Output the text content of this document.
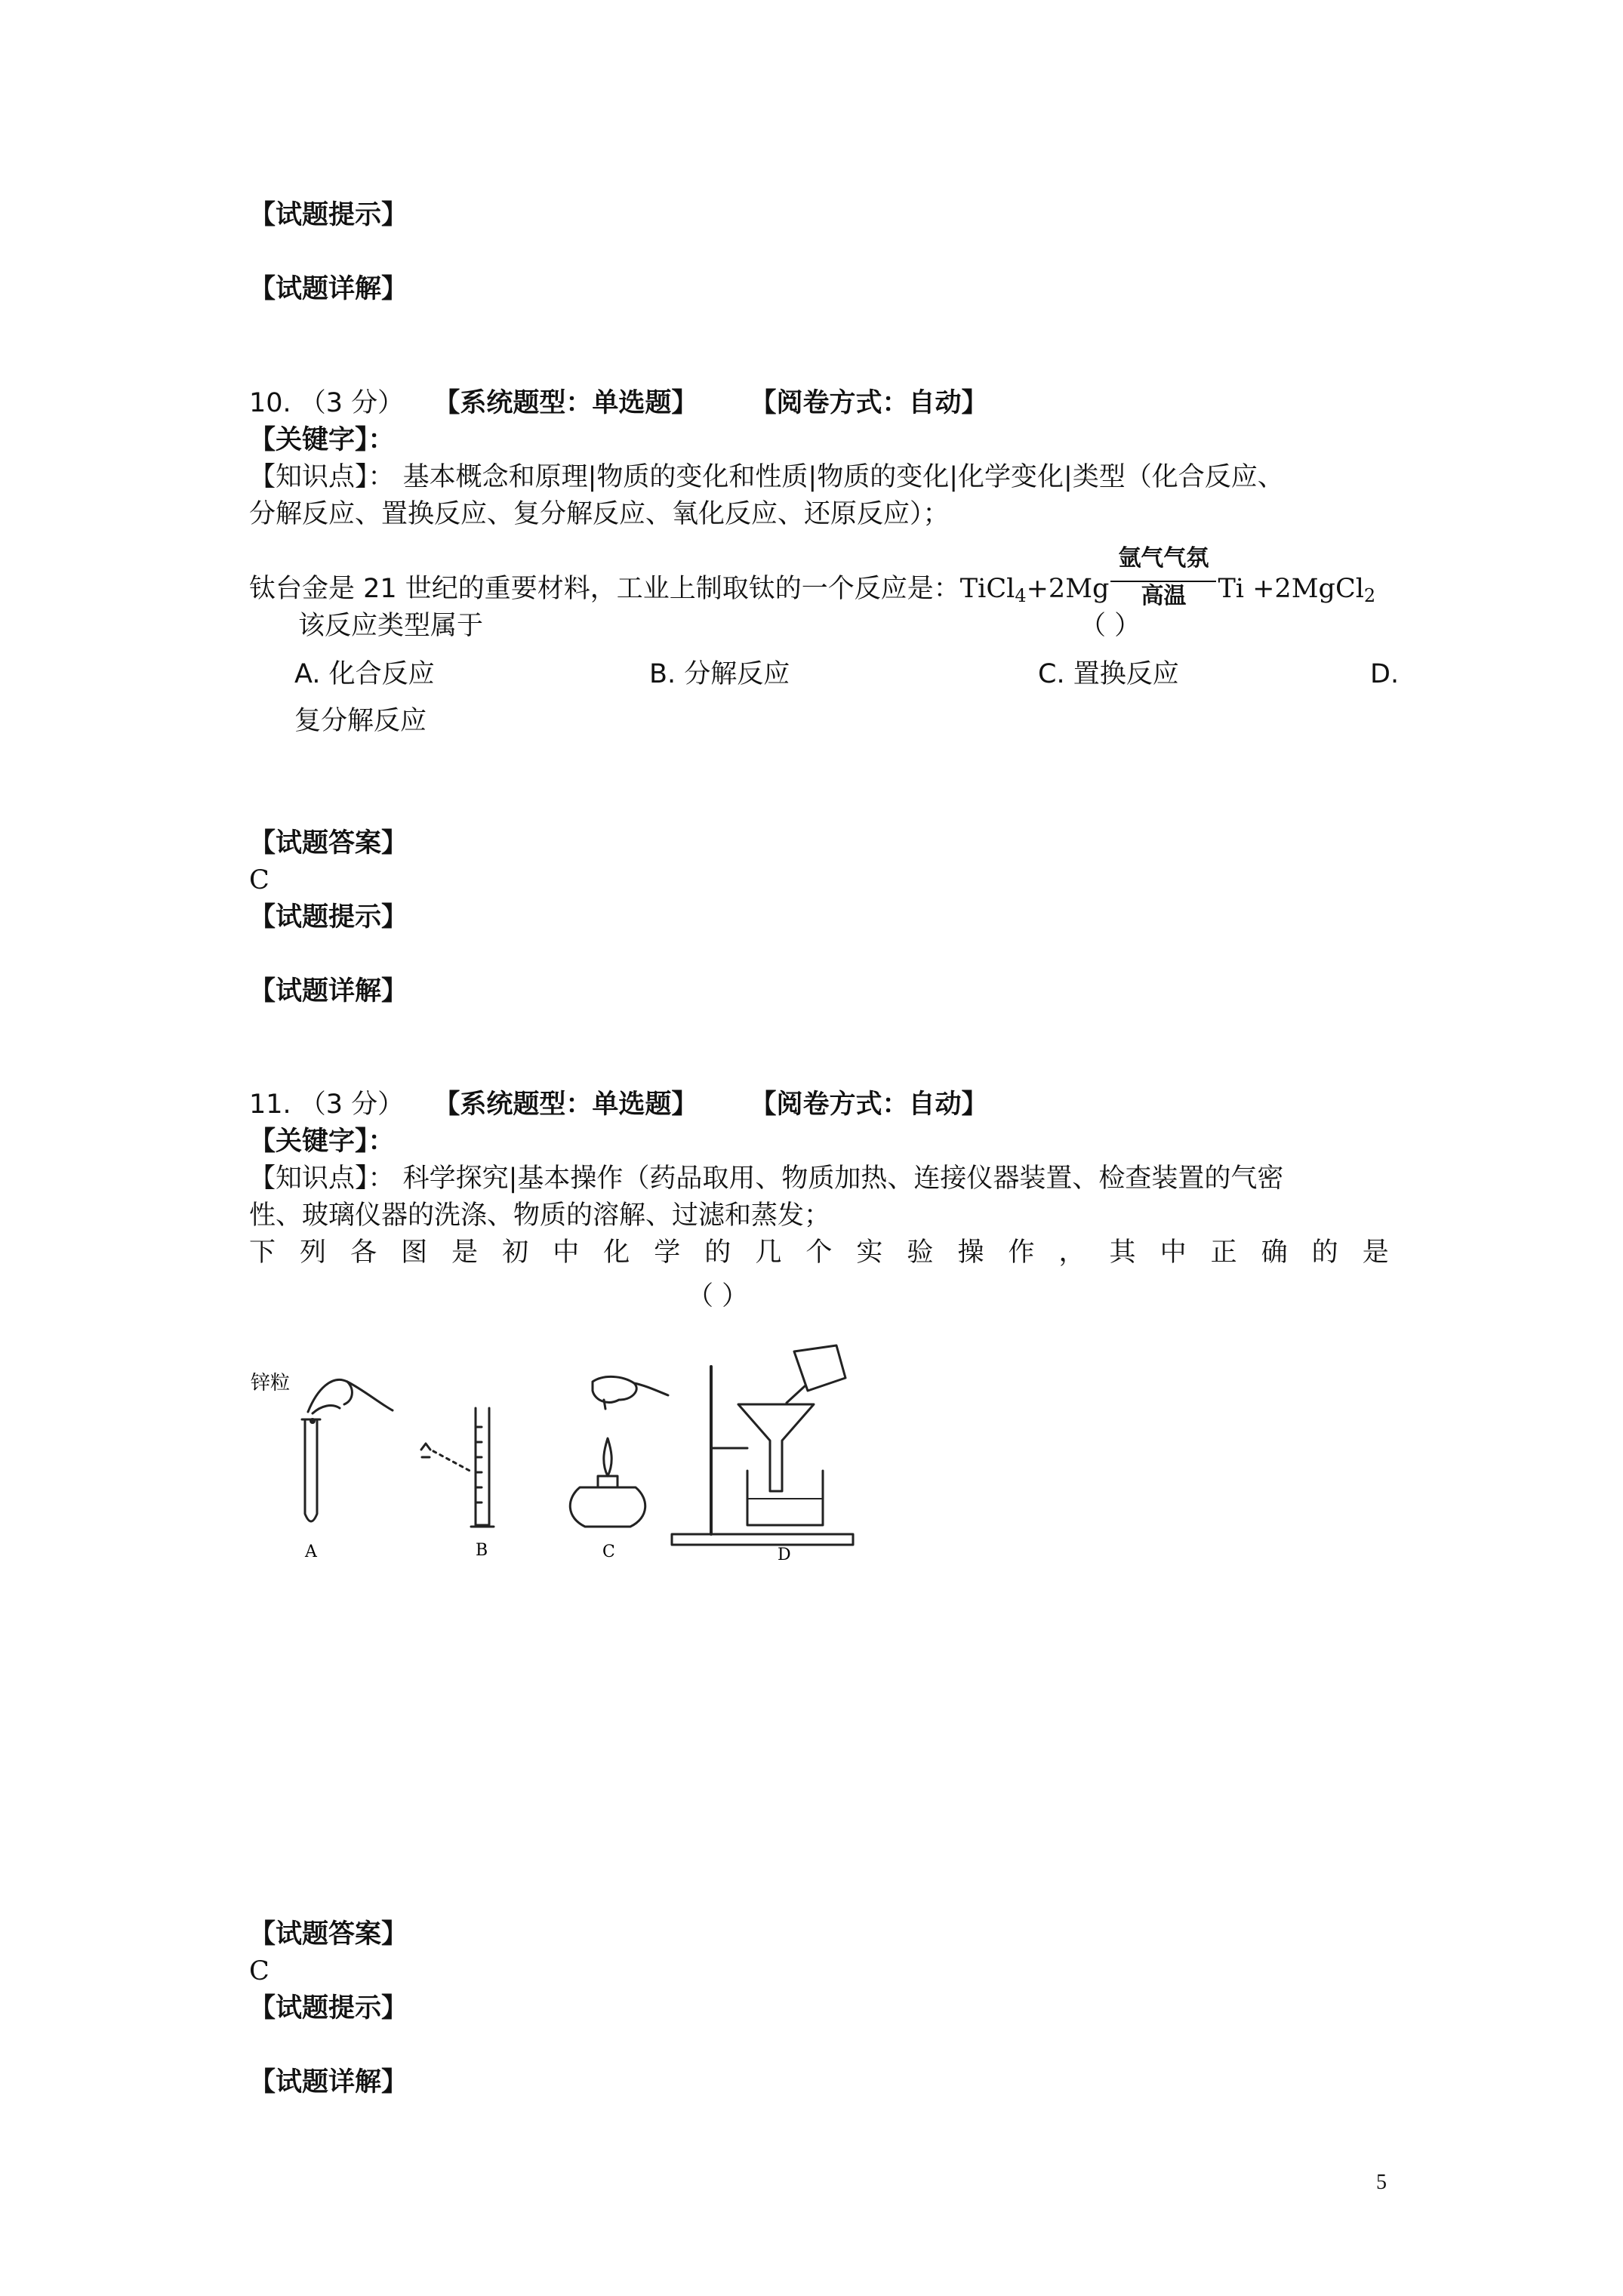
【试题提示】
【试题详解】
10. （3 分） 【系统题型：单选题】 【阅卷方式：自动】
【关键字】：
【知识点】： 基本概念和原理|物质的变化和性质|物质的变化|化学变化|类型（化合反应、
分解反应、置换反应、复分解反应、氧化反应、还原反应）；
钛台金是 21 世纪的重要材料，工业上制取钛的一个反应是：TiCl$_4$+2Mg
氩气气氛
高温	Ti +2MgCl$_2$
该反应类型属于	（ ）
A. 化合反应	B. 分解反应	C. 置换反应	D.
复分解反应
【试题答案】
C
【试题提示】
【试题详解】
11. （3 分） 【系统题型：单选题】 【阅卷方式：自动】
【关键字】：
【知识点】： 科学探究|基本操作（药品取用、物质加热、连接仪器装置、检查装置的气密
性、玻璃仪器的洗涤、物质的溶解、过滤和蒸发；
下 列 各 图 是 初 中 化 学 的 几 个 实 验 操 作 ， 其 中 正 确 的 是
（ ）
锌粒
A	B	C	D
【试题答案】
C
【试题提示】
【试题详解】
5
